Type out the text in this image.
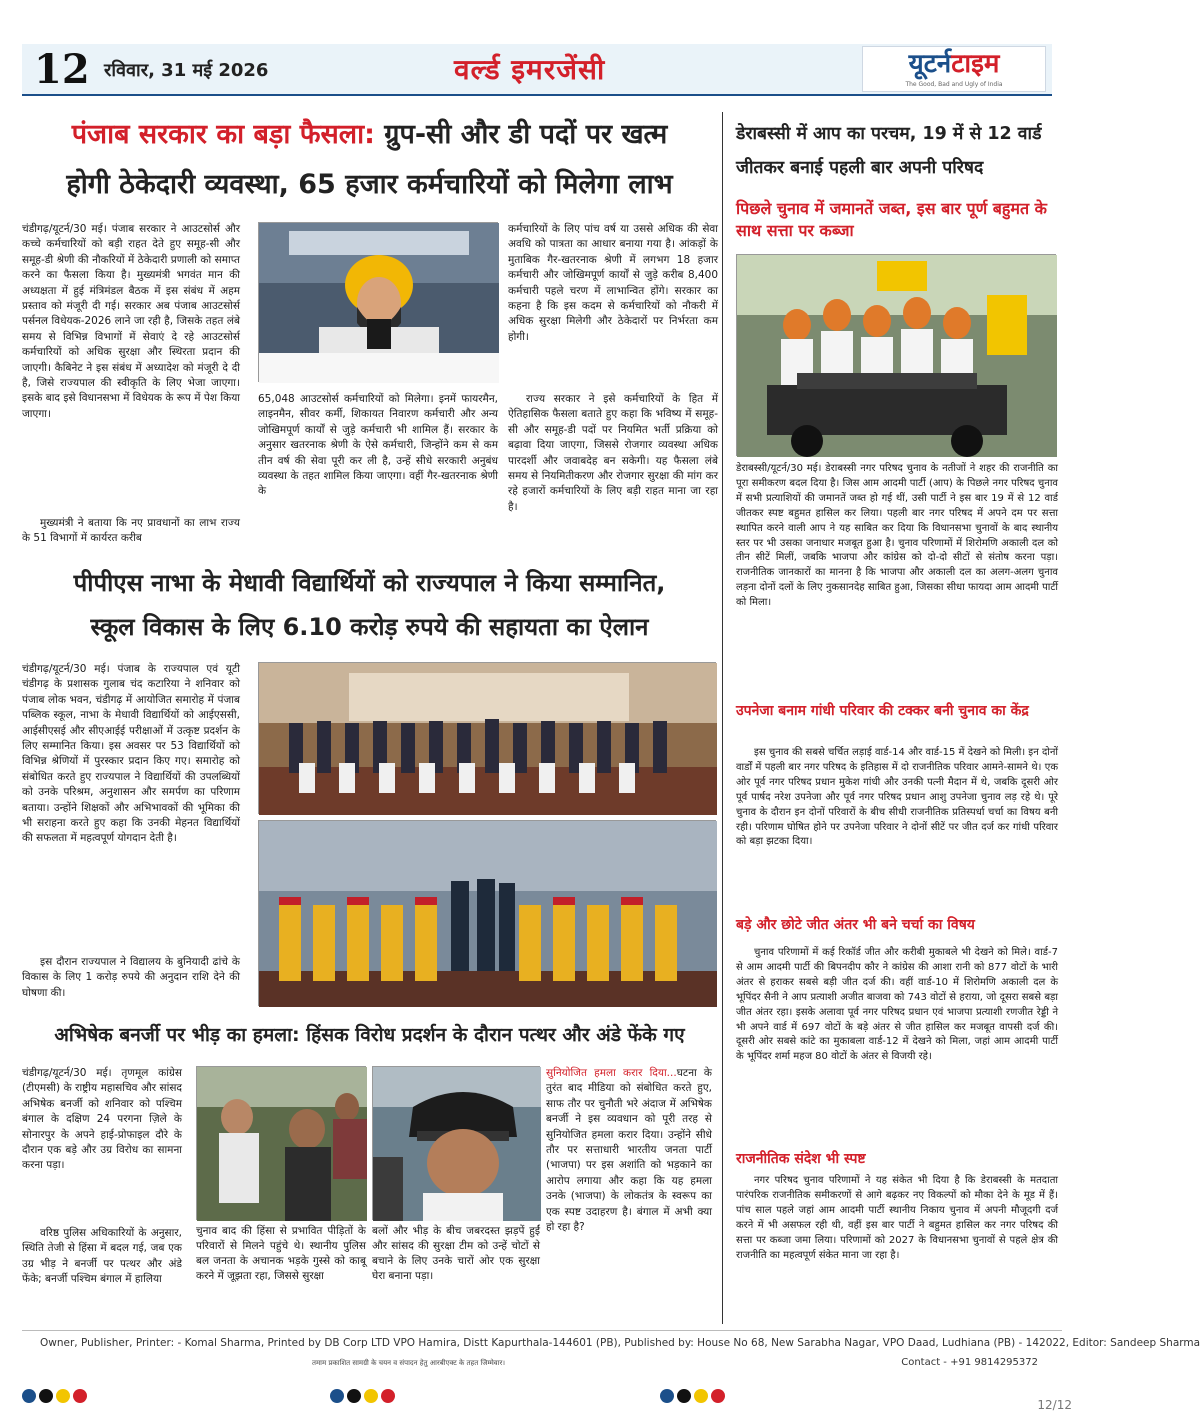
12 रविवार, 31 मई 2026	वर्ल्ड इमरजेंसी	यूटर्नटाइम
The Good, Bad and Ugly of India
पंजाब सरकार का बड़ा फैसला: ग्रुप-सी और डी पदों पर खत्म
होगी ठेकेदारी व्यवस्था, 65 हजार कर्मचारियों को मिलेगा लाभ
चंडीगढ़/यूटर्न/30 मई। पंजाब सरकार ने आउटसोर्स और कच्चे कर्मचारियों को बड़ी राहत देते हुए समूह-सी और समूह-डी श्रेणी की नौकरियों में ठेकेदारी प्रणाली को समाप्त करने का फैसला किया है। मुख्यमंत्री भगवंत मान की अध्यक्षता में हुई मंत्रिमंडल बैठक में इस संबंध में अहम प्रस्ताव को मंजूरी दी गई। सरकार अब पंजाब आउटसोर्स पर्सनल विधेयक-2026 लाने जा रही है, जिसके तहत लंबे समय से विभिन्न विभागों में सेवाएं दे रहे आउटसोर्स कर्मचारियों को अधिक सुरक्षा और स्थिरता प्रदान की जाएगी। कैबिनेट ने इस संबंध में अध्यादेश को मंजूरी दे दी है, जिसे राज्यपाल की स्वीकृति के लिए भेजा जाएगा। इसके बाद इसे विधानसभा में विधेयक के रूप में पेश किया जाएगा।
मुख्यमंत्री ने बताया कि नए प्रावधानों का लाभ राज्य के 51 विभागों में कार्यरत करीब
65,048 आउटसोर्स कर्मचारियों को मिलेगा। इनमें फायरमैन, लाइनमैन, सीवर कर्मी, शिकायत निवारण कर्मचारी और अन्य जोखिमपूर्ण कार्यों से जुड़े कर्मचारी भी शामिल हैं। सरकार के अनुसार खतरनाक श्रेणी के ऐसे कर्मचारी, जिन्होंने कम से कम तीन वर्ष की सेवा पूरी कर ली है, उन्हें सीधे सरकारी अनुबंध व्यवस्था के तहत शामिल किया जाएगा। वहीं गैर-खतरनाक श्रेणी के
कर्मचारियों के लिए पांच वर्ष या उससे अधिक की सेवा अवधि को पात्रता का आधार बनाया गया है। आंकड़ों के मुताबिक गैर-खतरनाक श्रेणी में लगभग 18 हजार कर्मचारी और जोखिमपूर्ण कार्यों से जुड़े करीब 8,400 कर्मचारी पहले चरण में लाभान्वित होंगे। सरकार का कहना है कि इस कदम से कर्मचारियों को नौकरी में अधिक सुरक्षा मिलेगी और ठेकेदारों पर निर्भरता कम होगी।
राज्य सरकार ने इसे कर्मचारियों के हित में ऐतिहासिक फैसला बताते हुए कहा कि भविष्य में समूह-सी और समूह-डी पदों पर नियमित भर्ती प्रक्रिया को बढ़ावा दिया जाएगा, जिससे रोजगार व्यवस्था अधिक पारदर्शी और जवाबदेह बन सकेगी। यह फैसला लंबे समय से नियमितीकरण और रोजगार सुरक्षा की मांग कर रहे हजारों कर्मचारियों के लिए बड़ी राहत माना जा रहा है।
पीपीएस नाभा के मेधावी विद्यार्थियों को राज्यपाल ने किया सम्मानित,
स्कूल विकास के लिए 6.10 करोड़ रुपये की सहायता का ऐलान
चंडीगढ़/यूटर्न/30 मई। पंजाब के राज्यपाल एवं यूटी चंडीगढ़ के प्रशासक गुलाब चंद कटारिया ने शनिवार को पंजाब लोक भवन, चंडीगढ़ में आयोजित समारोह में पंजाब पब्लिक स्कूल, नाभा के मेधावी विद्यार्थियों को आईएससी, आईसीएसई और सीएआईई परीक्षाओं में उत्कृष्ट प्रदर्शन के लिए सम्मानित किया। इस अवसर पर 53 विद्यार्थियों को विभिन्न श्रेणियों में पुरस्कार प्रदान किए गए। समारोह को संबोधित करते हुए राज्यपाल ने विद्यार्थियों की उपलब्धियों को उनके परिश्रम, अनुशासन और समर्पण का परिणाम बताया। उन्होंने शिक्षकों और अभिभावकों की भूमिका की भी सराहना करते हुए कहा कि उनकी मेहनत विद्यार्थियों की सफलता में महत्वपूर्ण योगदान देती है।
इस दौरान राज्यपाल ने विद्यालय के बुनियादी ढांचे के विकास के लिए 1 करोड़ रुपये की अनुदान राशि देने की घोषणा की।
अभिषेक बनर्जी पर भीड़ का हमला: हिंसक विरोध प्रदर्शन के दौरान पत्थर और अंडे फेंके गए
चंडीगढ़/यूटर्न/30 मई। तृणमूल कांग्रेस (टीएमसी) के राष्ट्रीय महासचिव और सांसद अभिषेक बनर्जी को शनिवार को पश्चिम बंगाल के दक्षिण 24 परगना ज़िले के सोनारपुर के अपने हाई-प्रोफाइल दौरे के दौरान एक बड़े और उग्र विरोध का सामना करना पड़ा।
वरिष्ठ पुलिस अधिकारियों के अनुसार, स्थिति तेजी से हिंसा में बदल गई, जब एक उग्र भीड़ ने बनर्जी पर पत्थर और अंडे फेंके; बनर्जी पश्चिम बंगाल में हालिया
चुनाव बाद की हिंसा से प्रभावित पीड़ितों के परिवारों से मिलने पहुंचे थे। स्थानीय पुलिस बल जनता के अचानक भड़के गुस्से को काबू करने में जूझता रहा, जिससे सुरक्षा
बलों और भीड़ के बीच जबरदस्त झड़पें हुईं और सांसद की सुरक्षा टीम को उन्हें चोटों से बचाने के लिए उनके चारों ओर एक सुरक्षा घेरा बनाना पड़ा।
सुनियोजित हमला करार दिया...घटना के तुरंत बाद मीडिया को संबोधित करते हुए, साफ तौर पर चुनौती भरे अंदाज में अभिषेक बनर्जी ने इस व्यवधान को पूरी तरह से सुनियोजित हमला करार दिया। उन्होंने सीधे तौर पर सत्ताधारी भारतीय जनता पार्टी (भाजपा) पर इस अशांति को भड़काने का आरोप लगाया और कहा कि यह हमला उनके (भाजपा) के लोकतंत्र के स्वरूप का एक स्पष्ट उदाहरण है। बंगाल में अभी क्या हो रहा है?
डेराबस्सी में आप का परचम, 19 में से 12 वार्ड
जीतकर बनाई पहली बार अपनी परिषद
पिछले चुनाव में जमानतें जब्त, इस बार पूर्ण बहुमत के साथ सत्ता पर कब्जा
डेराबस्सी/यूटर्न/30 मई। डेराबस्सी नगर परिषद चुनाव के नतीजों ने शहर की राजनीति का पूरा समीकरण बदल दिया है। जिस आम आदमी पार्टी (आप) के पिछले नगर परिषद चुनाव में सभी प्रत्याशियों की जमानतें जब्त हो गई थीं, उसी पार्टी ने इस बार 19 में से 12 वार्ड जीतकर स्पष्ट बहुमत हासिल कर लिया। पहली बार नगर परिषद में अपने दम पर सत्ता स्थापित करने वाली आप ने यह साबित कर दिया कि विधानसभा चुनावों के बाद स्थानीय स्तर पर भी उसका जनाधार मजबूत हुआ है। चुनाव परिणामों में शिरोमणि अकाली दल को तीन सीटें मिलीं, जबकि भाजपा और कांग्रेस को दो-दो सीटों से संतोष करना पड़ा। राजनीतिक जानकारों का मानना है कि भाजपा और अकाली दल का अलग-अलग चुनाव लड़ना दोनों दलों के लिए नुकसानदेह साबित हुआ, जिसका सीधा फायदा आम आदमी पार्टी को मिला।
उपनेजा बनाम गांधी परिवार की टक्कर बनी चुनाव का केंद्र
इस चुनाव की सबसे चर्चित लड़ाई वार्ड-14 और वार्ड-15 में देखने को मिली। इन दोनों वार्डों में पहली बार नगर परिषद के इतिहास में दो राजनीतिक परिवार आमने-सामने थे। एक ओर पूर्व नगर परिषद प्रधान मुकेश गांधी और उनकी पत्नी मैदान में थे, जबकि दूसरी ओर पूर्व पार्षद नरेश उपनेजा और पूर्व नगर परिषद प्रधान आशु उपनेजा चुनाव लड़ रहे थे। पूरे चुनाव के दौरान इन दोनों परिवारों के बीच सीधी राजनीतिक प्रतिस्पर्धा चर्चा का विषय बनी रही। परिणाम घोषित होने पर उपनेजा परिवार ने दोनों सीटें पर जीत दर्ज कर गांधी परिवार को बड़ा झटका दिया।
बड़े और छोटे जीत अंतर भी बने चर्चा का विषय
चुनाव परिणामों में कई रिकॉर्ड जीत और करीबी मुकाबले भी देखने को मिले। वार्ड-7 से आम आदमी पार्टी की बिपनदीप कौर ने कांग्रेस की आशा रानी को 877 वोटों के भारी अंतर से हराकर सबसे बड़ी जीत दर्ज की। वहीं वार्ड-10 में शिरोमणि अकाली दल के भूपिंदर सैनी ने आप प्रत्याशी अजीत बाजवा को 743 वोटों से हराया, जो दूसरा सबसे बड़ा जीत अंतर रहा। इसके अलावा पूर्व नगर परिषद प्रधान एवं भाजपा प्रत्याशी रणजीत रेड्डी ने भी अपने वार्ड में 697 वोटों के बड़े अंतर से जीत हासिल कर मजबूत वापसी दर्ज की। दूसरी ओर सबसे कांटे का मुकाबला वार्ड-12 में देखने को मिला, जहां आम आदमी पार्टी के भूपिंदर शर्मा महज 80 वोटों के अंतर से विजयी रहे।
राजनीतिक संदेश भी स्पष्ट
नगर परिषद चुनाव परिणामों ने यह संकेत भी दिया है कि डेराबस्सी के मतदाता पारंपरिक राजनीतिक समीकरणों से आगे बढ़कर नए विकल्पों को मौका देने के मूड में हैं। पांच साल पहले जहां आम आदमी पार्टी स्थानीय निकाय चुनाव में अपनी मौजूदगी दर्ज करने में भी असफल रही थी, वहीं इस बार पार्टी ने बहुमत हासिल कर नगर परिषद की सत्ता पर कब्जा जमा लिया। परिणामों को 2027 के विधानसभा चुनावों से पहले क्षेत्र की राजनीति का महत्वपूर्ण संकेत माना जा रहा है।
Owner, Publisher, Printer: - Komal Sharma, Printed by DB Corp LTD VPO Hamira, Distt Kapurthala-144601 (PB), Published by: House No 68, New Sarabha Nagar, VPO Daad, Ludhiana (PB) - 142022, Editor: Sandeep Sharma
तमाम प्रकाशित सामग्री के चयन व संपादन हेतु आरबीएक्ट के तहत जिम्मेवार।	Contact - +91 9814295372
12/12
